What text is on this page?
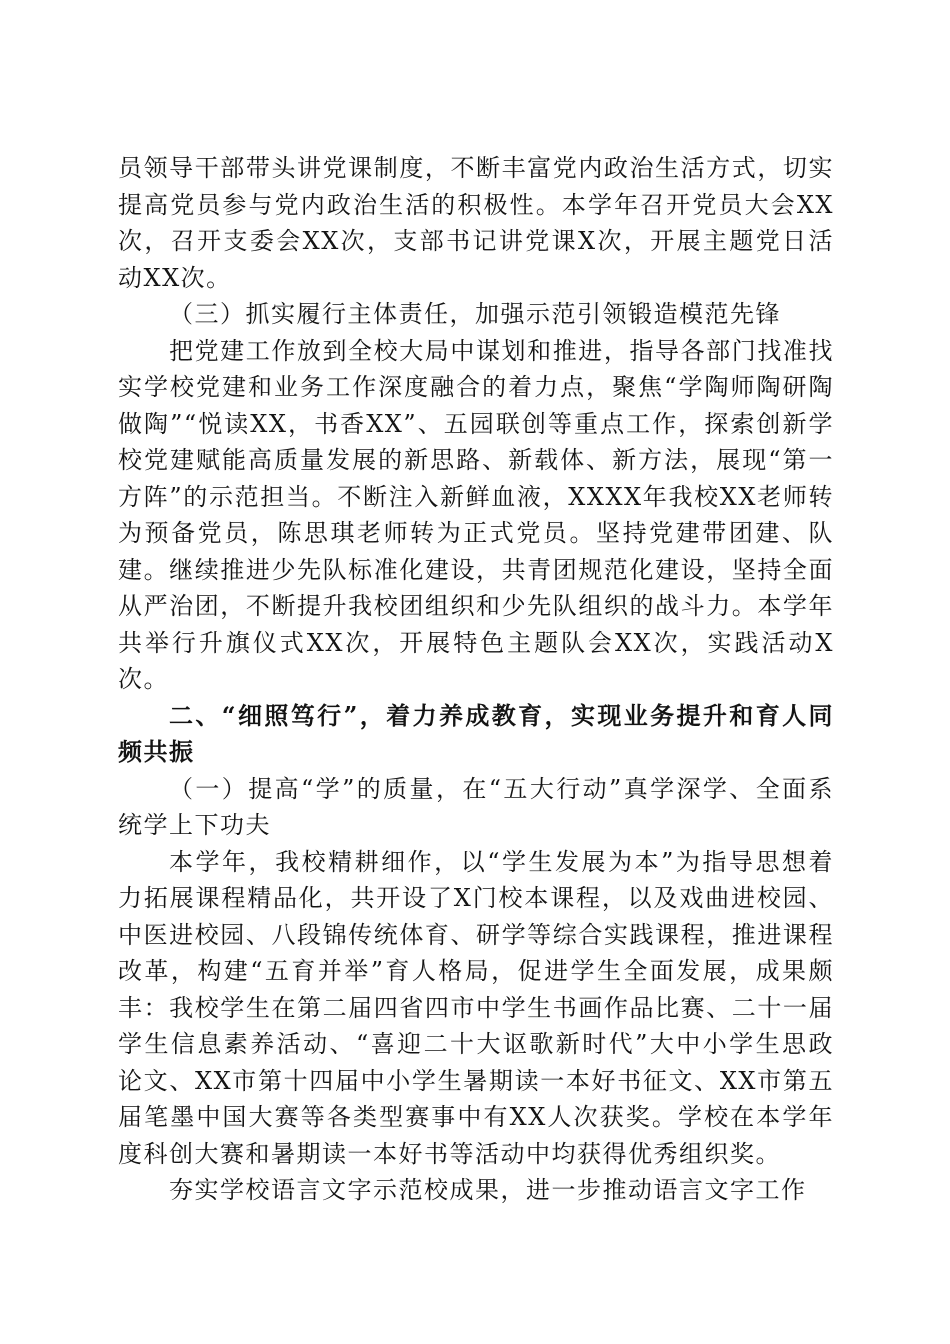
员领导干部带头讲党课制度，不断丰富党内政治生活方式，切实提高党员参与党内政治生活的积极性。本学年召开党员大会XX次，召开支委会XX次，支部书记讲党课X次，开展主题党日活动XX次。

（三）抓实履行主体责任，加强示范引领锻造模范先锋

把党建工作放到全校大局中谋划和推进，指导各部门找准找实学校党建和业务工作深度融合的着力点，聚焦“学陶师陶研陶做陶”“悦读XX，书香XX”、五园联创等重点工作，探索创新学校党建赋能高质量发展的新思路、新载体、新方法，展现“第一方阵”的示范担当。不断注入新鲜血液，XXXX年我校XX老师转为预备党员，陈思琪老师转为正式党员。坚持党建带团建、队建。继续推进少先队标准化建设，共青团规范化建设，坚持全面从严治团，不断提升我校团组织和少先队组织的战斗力。本学年共举行升旗仪式XX次，开展特色主题队会XX次，实践活动X次。

二、“细照笃行”，着力养成教育，实现业务提升和育人同频共振

（一）提高“学”的质量，在“五大行动”真学深学、全面系统学上下功夫

本学年，我校精耕细作，以“学生发展为本”为指导思想着力拓展课程精品化，共开设了X门校本课程，以及戏曲进校园、中医进校园、八段锦传统体育、研学等综合实践课程，推进课程改革，构建“五育并举”育人格局，促进学生全面发展，成果颇丰：我校学生在第二届四省四市中学生书画作品比赛、二十一届学生信息素养活动、“喜迎二十大讴歌新时代”大中小学生思政论文、XX市第十四届中小学生暑期读一本好书征文、XX市第五届笔墨中国大赛等各类型赛事中有XX人次获奖。学校在本学年度科创大赛和暑期读一本好书等活动中均获得优秀组织奖。

夯实学校语言文字示范校成果，进一步推动语言文字工作
